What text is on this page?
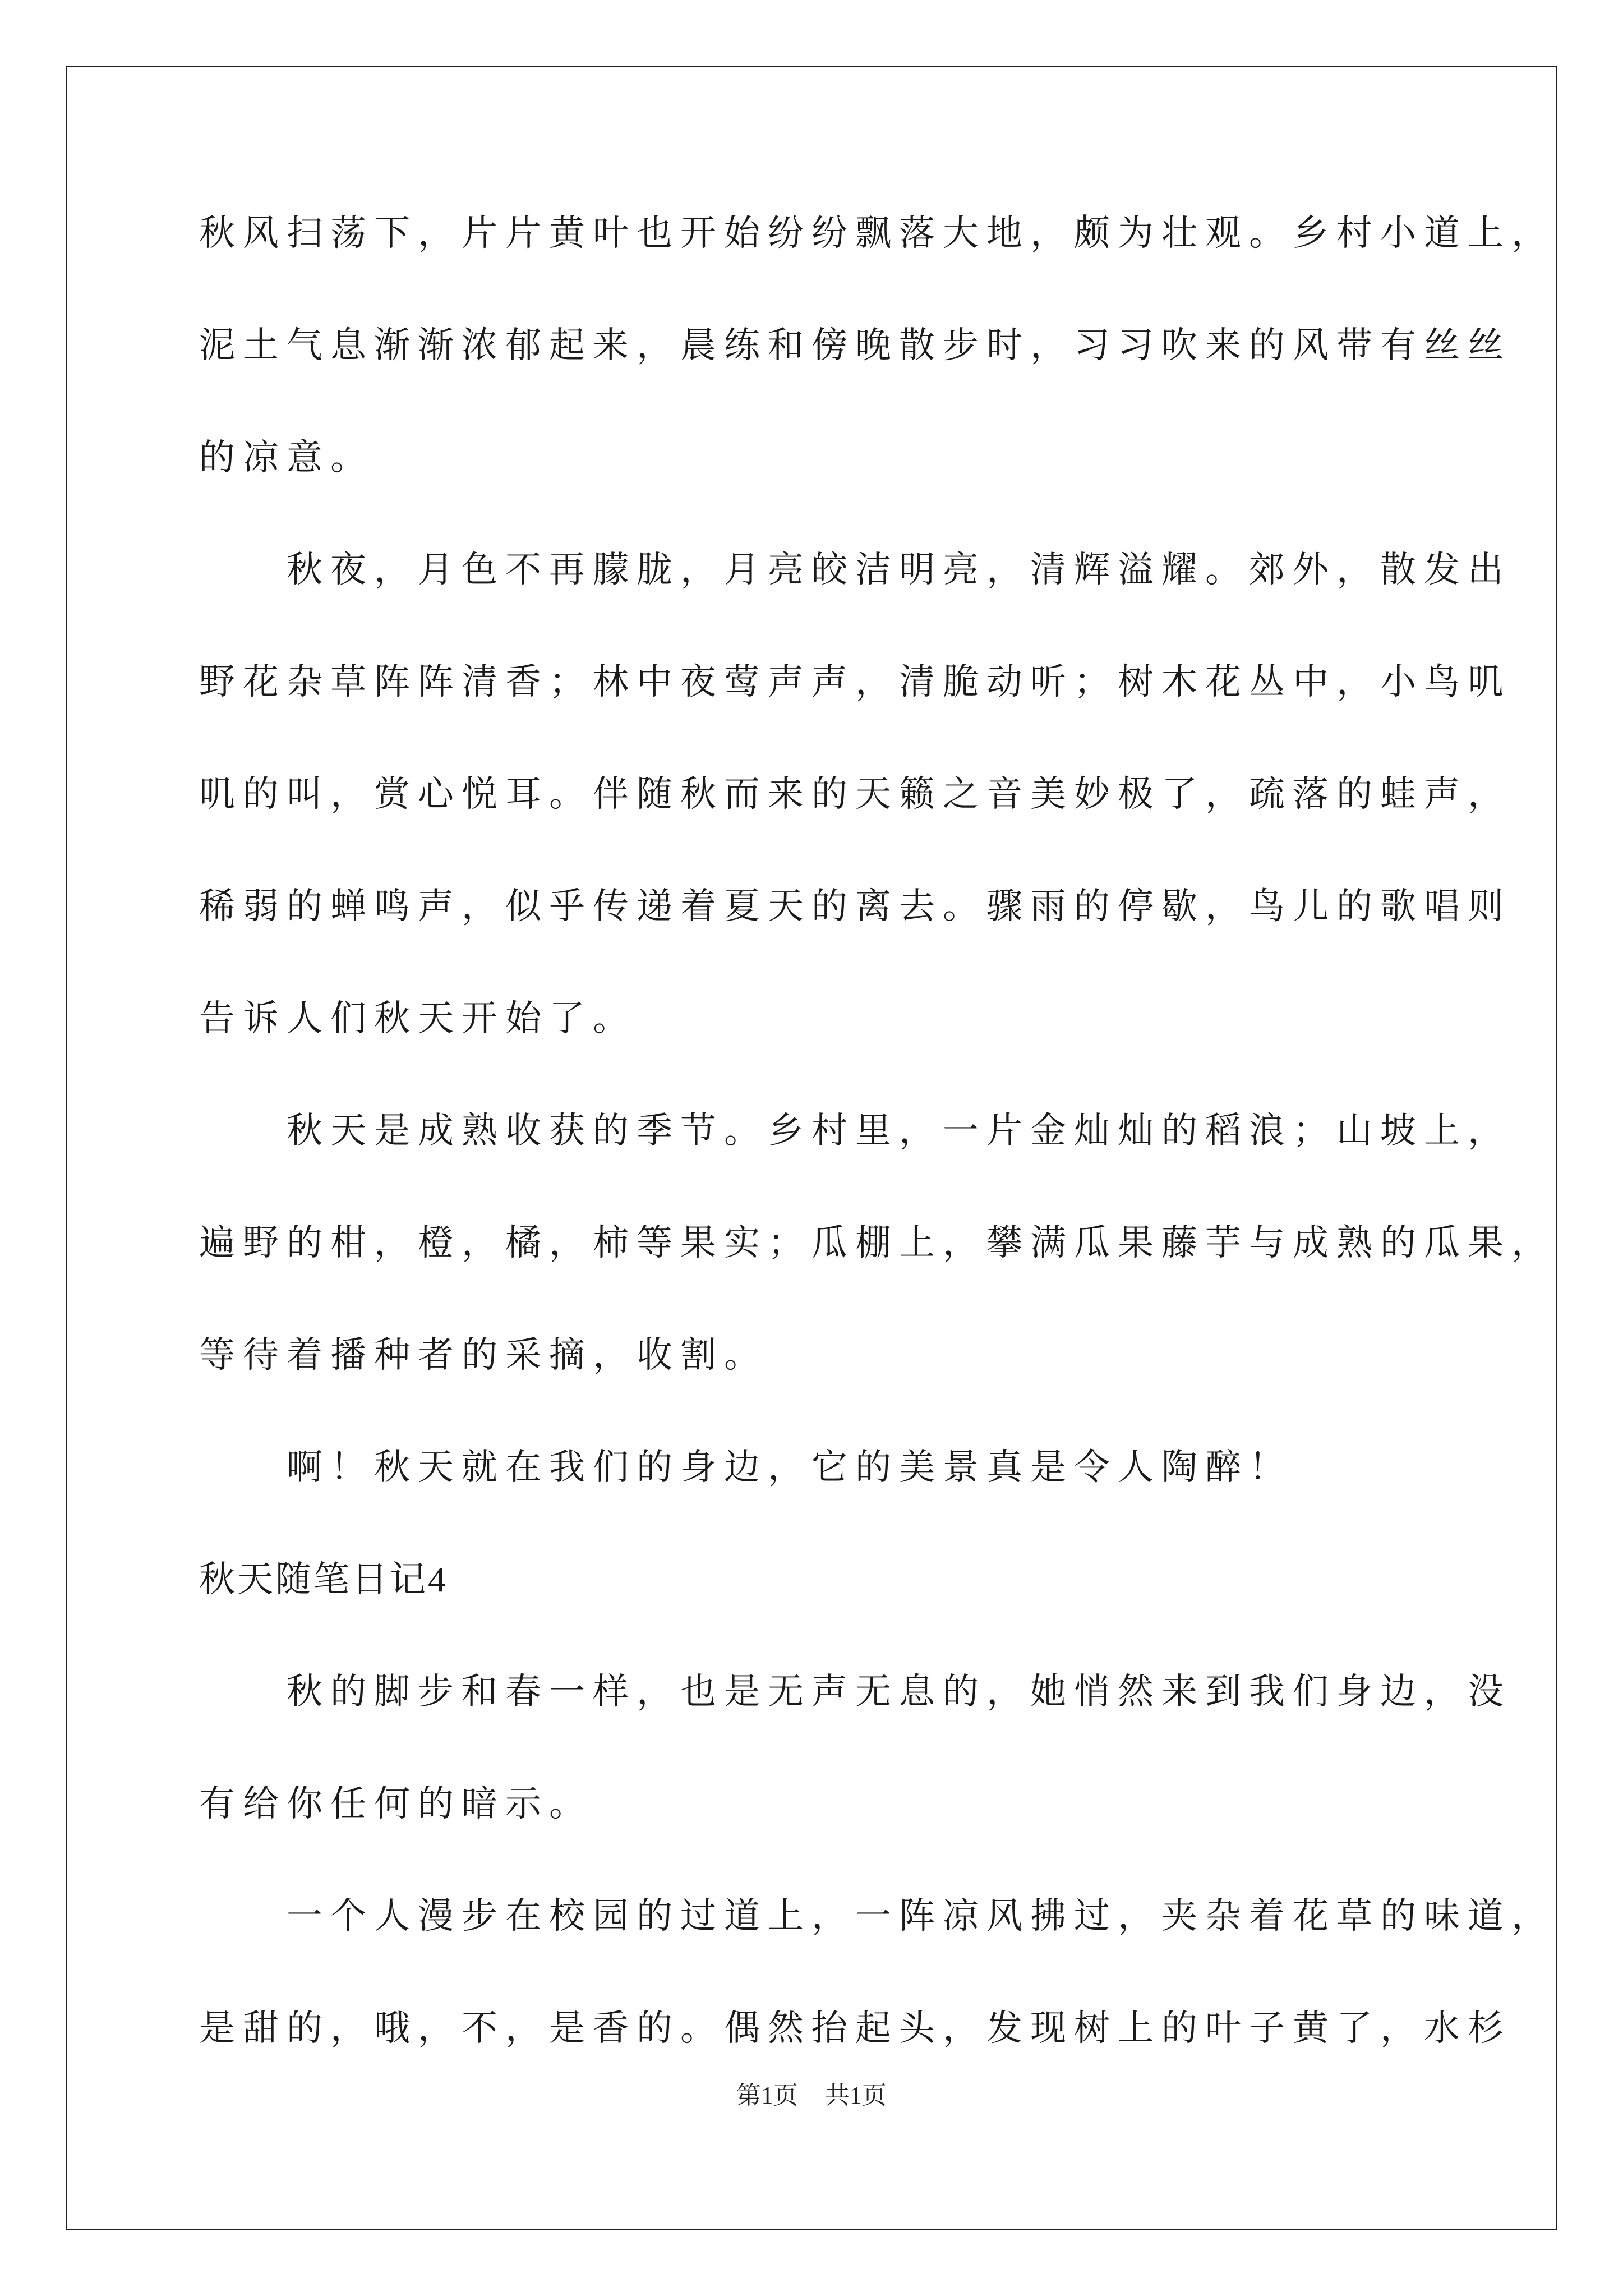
秋风扫荡下，片片黄叶也开始纷纷飘落大地，颇为壮观。乡村小道上，
泥土气息渐渐浓郁起来，晨练和傍晚散步时，习习吹来的风带有丝丝
的凉意。
　　秋夜，月色不再朦胧，月亮皎洁明亮，清辉溢耀。郊外，散发出
野花杂草阵阵清香；林中夜莺声声，清脆动听；树木花丛中，小鸟叽
叽的叫，赏心悦耳。伴随秋而来的天籁之音美妙极了，疏落的蛙声，
稀弱的蝉鸣声，似乎传递着夏天的离去。骤雨的停歇，鸟儿的歌唱则
告诉人们秋天开始了。
　　秋天是成熟收获的季节。乡村里，一片金灿灿的稻浪；山坡上，
遍野的柑，橙，橘，柿等果实；瓜棚上，攀满瓜果藤芋与成熟的瓜果，
等待着播种者的采摘，收割。
　　啊！秋天就在我们的身边，它的美景真是令人陶醉！
秋天随笔日记4
　　秋的脚步和春一样，也是无声无息的，她悄然来到我们身边，没
有给你任何的暗示。
　　一个人漫步在校园的过道上，一阵凉风拂过，夹杂着花草的味道，
是甜的，哦，不，是香的。偶然抬起头，发现树上的叶子黄了，水杉
第1页 共1页
